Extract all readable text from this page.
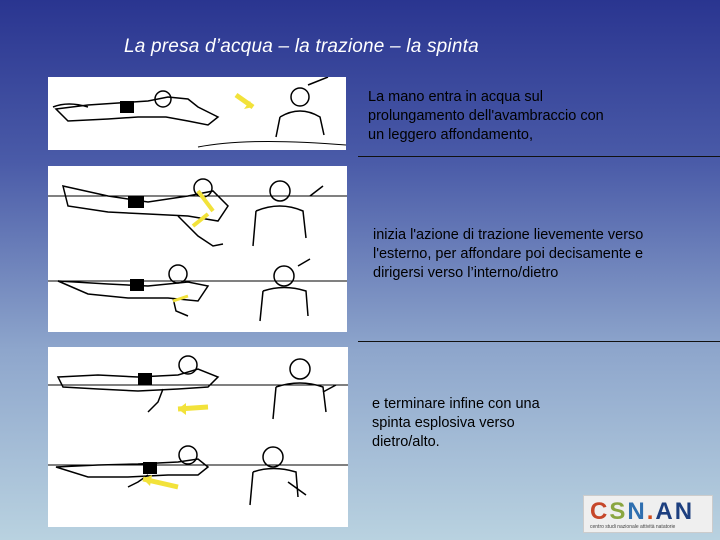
La presa d’acqua – la trazione – la spinta
La mano entra in acqua sul prolungamento dell'avambraccio con un leggero affondamento,
inizia l'azione di trazione lievemente verso l'esterno, per affondare poi decisamente e dirigersi verso l’interno/dietro
e terminare infine con una spinta esplosiva verso dietro/alto.
CSN.AN
centro studi nazionale attività natatorie
